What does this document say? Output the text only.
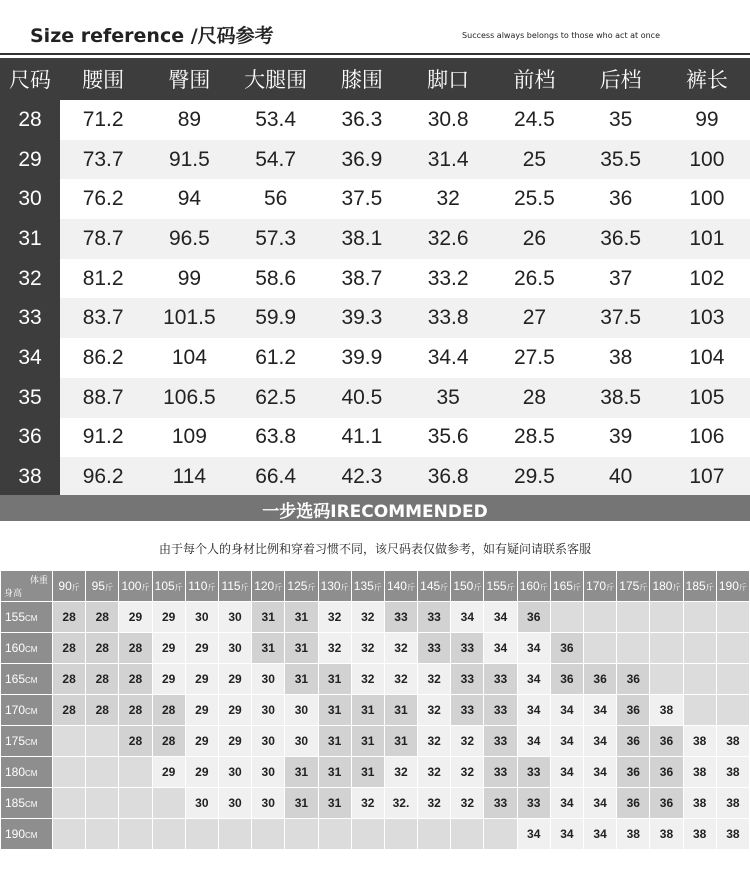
Size reference /尺码参考	Success always belongs to those who act at once
尺码	腰围	臀围	大腿围	膝围	脚口	前档	后档	裤长
28	71.2	89	53.4	36.3	30.8	24.5	35	99
29	73.7	91.5	54.7	36.9	31.4	25	35.5	100
30	76.2	94	56	37.5	32	25.5	36	100
31	78.7	96.5	57.3	38.1	32.6	26	36.5	101
32	81.2	99	58.6	38.7	33.2	26.5	37	102
33	83.7	101.5	59.9	39.3	33.8	27	37.5	103
34	86.2	104	61.2	39.9	34.4	27.5	38	104
35	88.7	106.5	62.5	40.5	35	28	38.5	105
36	91.2	109	63.8	41.1	35.6	28.5	39	106
38	96.2	114	66.4	42.3	36.8	29.5	40	107
一步选码IRECOMMENDED
由于每个人的身材比例和穿着习惯不同，该尺码表仅做参考，如有疑问请联系客服
体重
身高	90斤	95斤	100斤	105斤	110斤	115斤	120斤	125斤	130斤	135斤	140斤	145斤	150斤	155斤	160斤	165斤	170斤	175斤	180斤	185斤	190斤
155CM	28	28	29	29	30	30	31	31	32	32	33	33	34	34	36						
160CM	28	28	28	29	29	30	31	31	32	32	32	33	33	34	34	36					
165CM	28	28	28	29	29	29	30	31	31	32	32	32	33	33	34	36	36	36			
170CM	28	28	28	28	29	29	30	30	31	31	31	32	33	33	34	34	34	36	38		
175CM			28	28	29	29	30	30	31	31	31	32	32	33	34	34	34	36	36	38	38
180CM				29	29	30	30	31	31	31	32	32	32	33	33	34	34	36	36	38	38
185CM					30	30	30	31	31	32	32.	32	32	33	33	34	34	36	36	38	38
190CM															34	34	34	38	38	38	38
